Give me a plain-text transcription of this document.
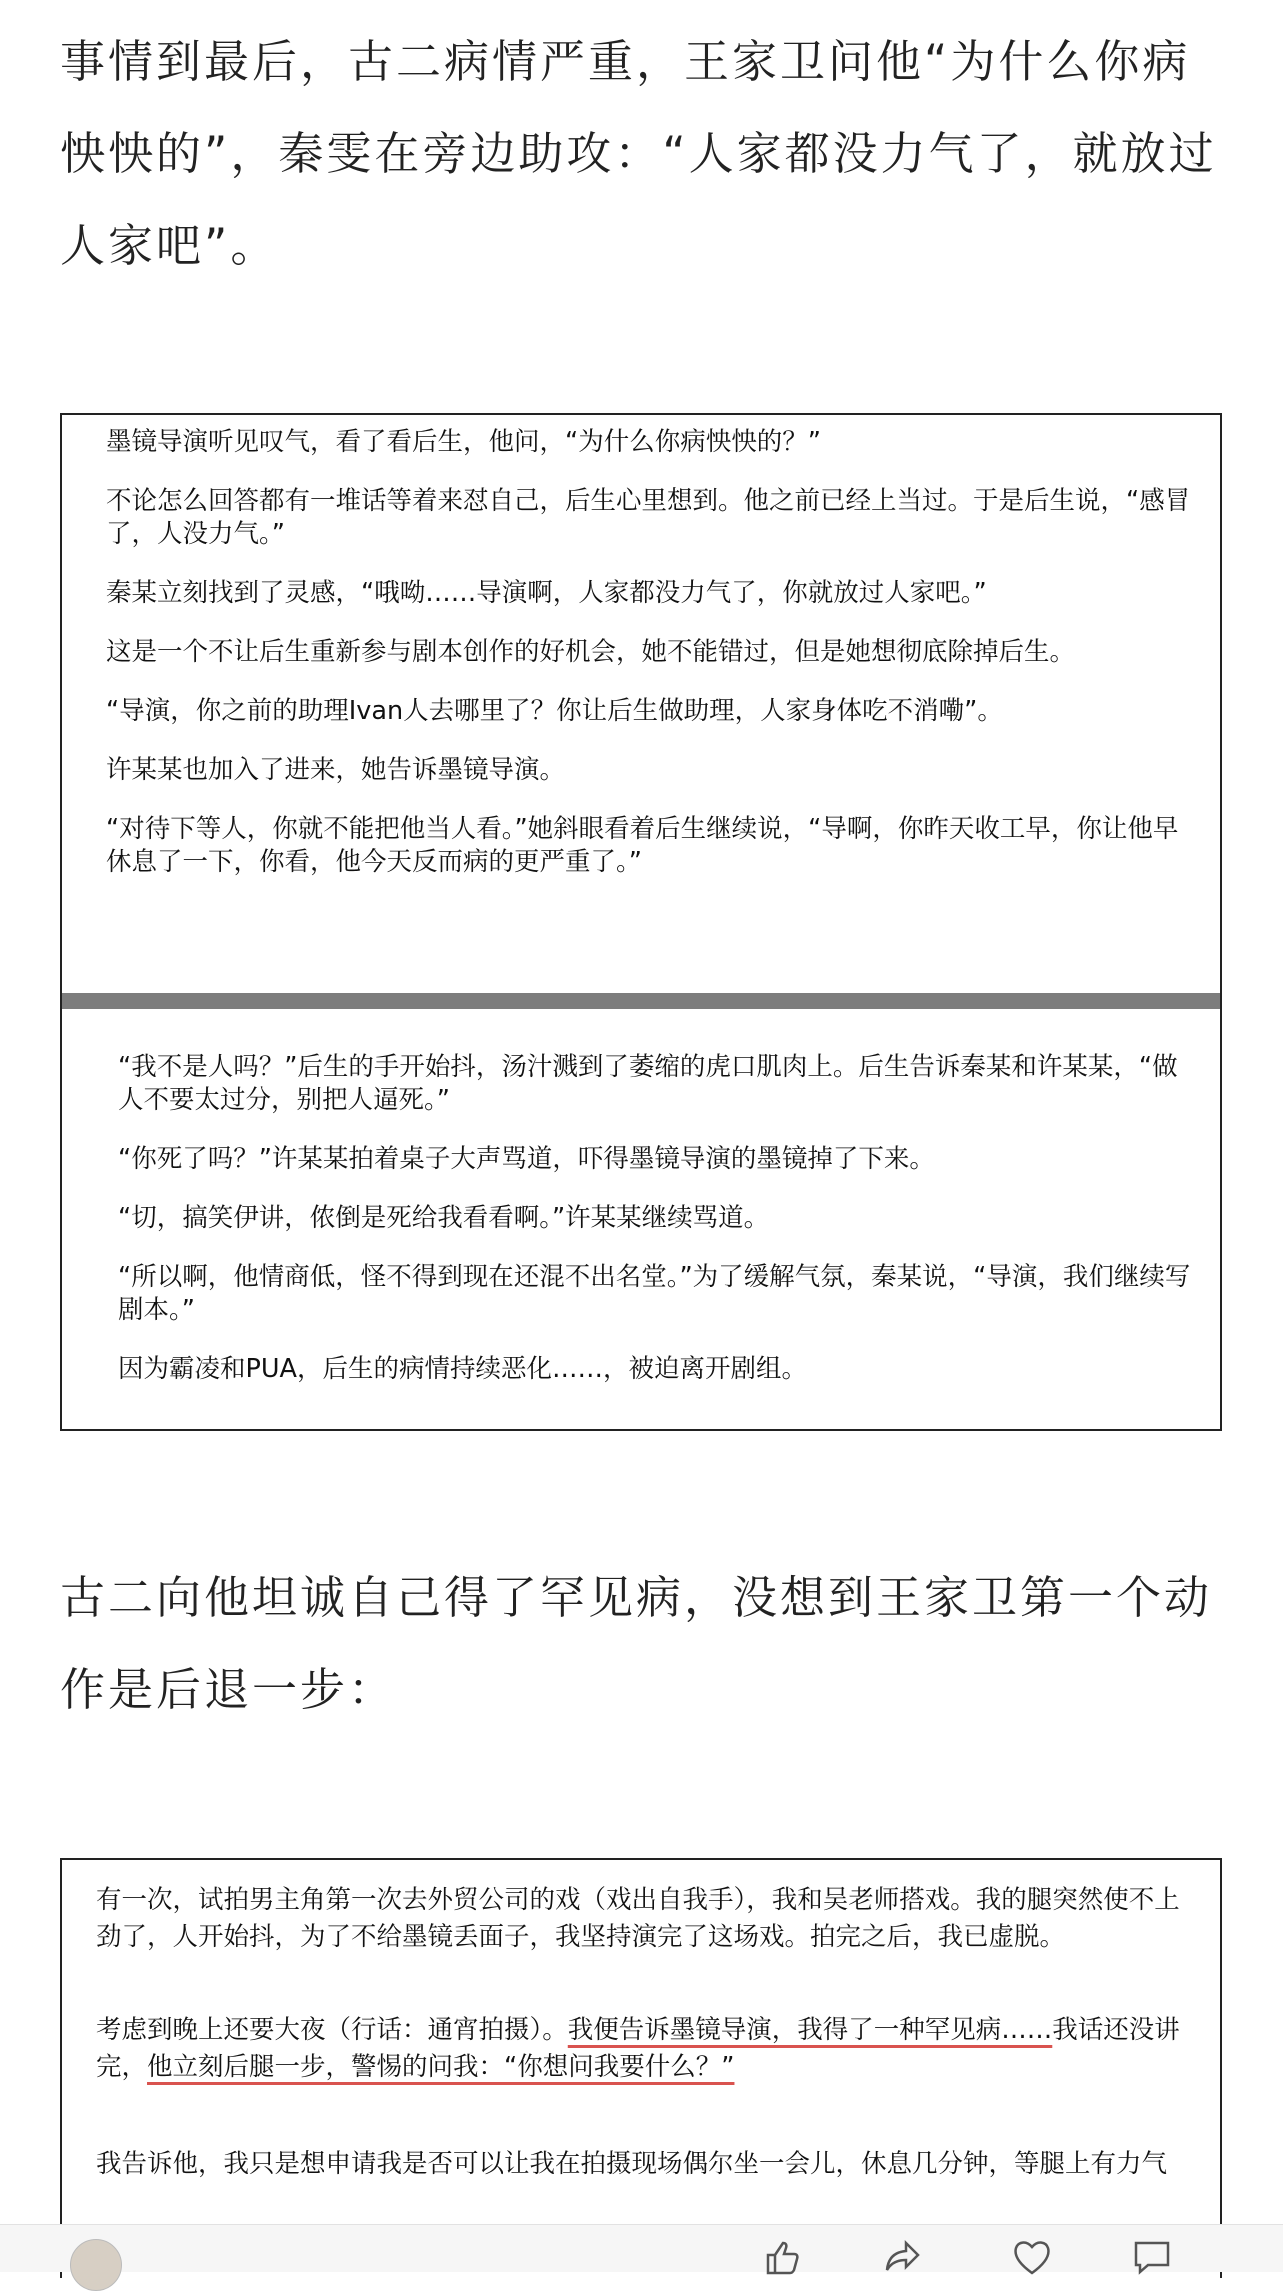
事情到最后，古二病情严重，王家卫问他“为什么你病怏怏的”，秦雯在旁边助攻：“人家都没力气了，就放过人家吧”。

墨镜导演听见叹气，看了看后生，他问，“为什么你病怏怏的？”

不论怎么回答都有一堆话等着来怼自己，后生心里想到。他之前已经上当过。于是后生说，“感冒了，人没力气。”

秦某立刻找到了灵感，“哦呦……导演啊，人家都没力气了，你就放过人家吧。”

这是一个不让后生重新参与剧本创作的好机会，她不能错过，但是她想彻底除掉后生。

“导演，你之前的助理Ivan人去哪里了？你让后生做助理，人家身体吃不消嘞”。

许某某也加入了进来，她告诉墨镜导演。

“对待下等人，你就不能把他当人看。”她斜眼看着后生继续说，“导啊，你昨天收工早，你让他早休息了一下，你看，他今天反而病的更严重了。”

“我不是人吗？”后生的手开始抖，汤汁溅到了萎缩的虎口肌肉上。后生告诉秦某和许某某，“做人不要太过分，别把人逼死。”

“你死了吗？”许某某拍着桌子大声骂道，吓得墨镜导演的墨镜掉了下来。

“切，搞笑伊讲，侬倒是死给我看看啊。”许某某继续骂道。

“所以啊，他情商低，怪不得到现在还混不出名堂。”为了缓解气氛，秦某说，“导演，我们继续写剧本。”

因为霸凌和PUA，后生的病情持续恶化……，被迫离开剧组。

古二向他坦诚自己得了罕见病，没想到王家卫第一个动作是后退一步：

有一次，试拍男主角第一次去外贸公司的戏（戏出自我手），我和吴老师搭戏。我的腿突然使不上劲了，人开始抖，为了不给墨镜丢面子，我坚持演完了这场戏。拍完之后，我已虚脱。

考虑到晚上还要大夜（行话：通宵拍摄）。我便告诉墨镜导演，我得了一种罕见病……我话还没讲完，他立刻后腿一步，警惕的问我：“你想问我要什么？”

我告诉他，我只是想申请我是否可以让我在拍摄现场偶尔坐一会儿，休息几分钟，等腿上有力气
